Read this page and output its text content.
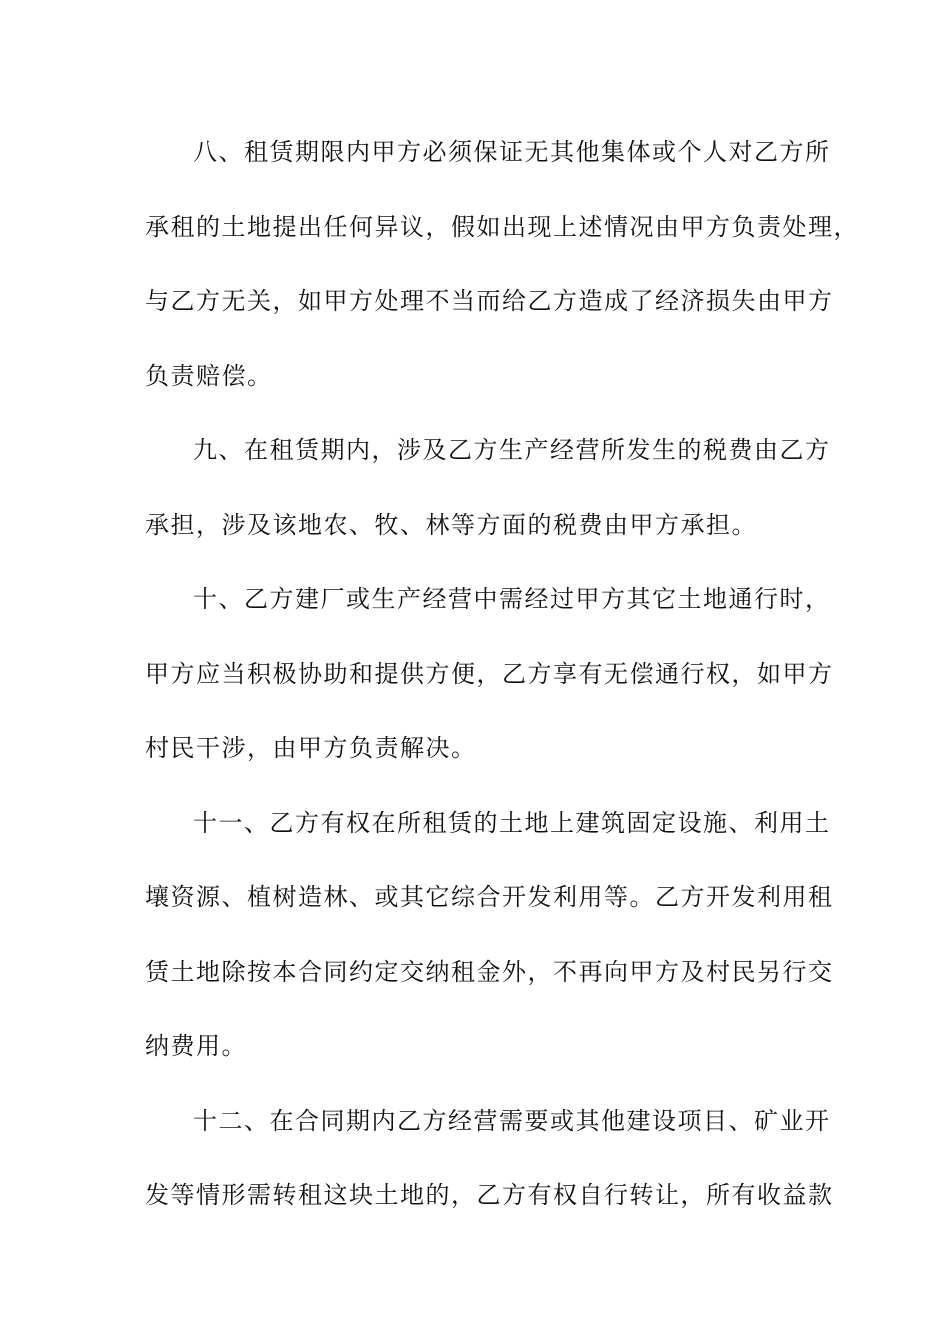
八、租赁期限内甲方必须保证无其他集体或个人对乙方所
承租的土地提出任何异议，假如出现上述情况由甲方负责处理，
与乙方无关，如甲方处理不当而给乙方造成了经济损失由甲方
负责赔偿。
九、在租赁期内，涉及乙方生产经营所发生的税费由乙方
承担，涉及该地农、牧、林等方面的税费由甲方承担。
十、乙方建厂或生产经营中需经过甲方其它土地通行时，
甲方应当积极协助和提供方便，乙方享有无偿通行权，如甲方
村民干涉，由甲方负责解决。
十一、乙方有权在所租赁的土地上建筑固定设施、利用土
壤资源、植树造林、或其它综合开发利用等。乙方开发利用租
赁土地除按本合同约定交纳租金外，不再向甲方及村民另行交
纳费用。
十二、在合同期内乙方经营需要或其他建设项目、矿业开
发等情形需转租这块土地的，乙方有权自行转让，所有收益款
